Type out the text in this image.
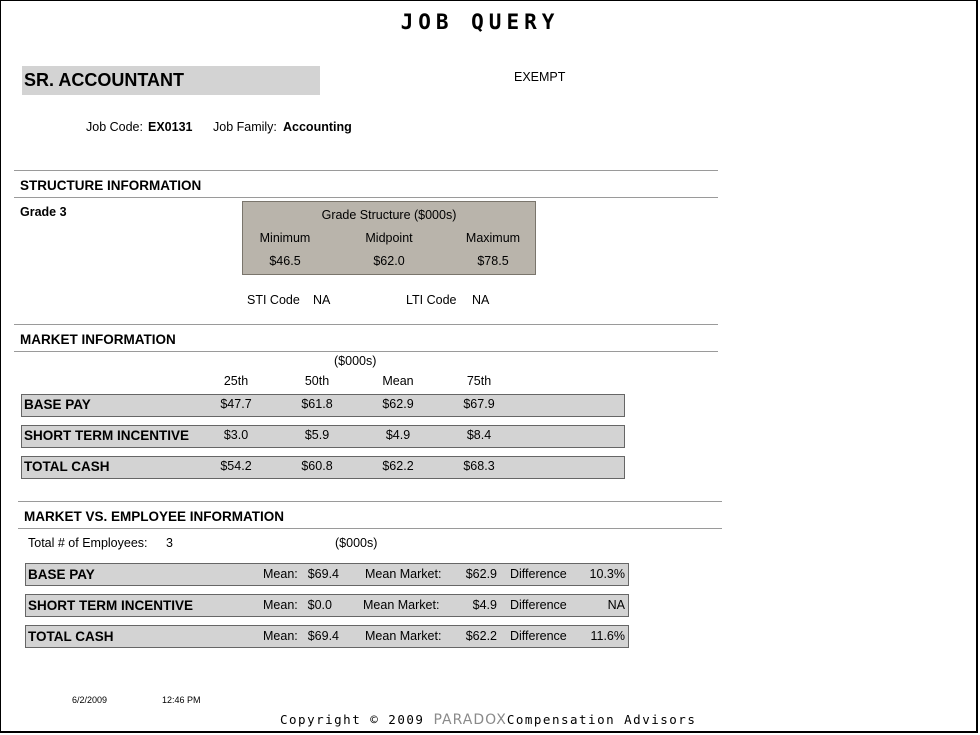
JOB QUERY
SR. ACCOUNTANT	EXEMPT
Job Code: EX0131 Job Family: Accounting
STRUCTURE INFORMATION
Grade 3	Grade Structure ($000s)
Minimum	Midpoint	Maximum
$46.5	$62.0	$78.5
STI Code NA	LTI Code NA
MARKET INFORMATION
($000s)
25th	50th	Mean	75th
BASE PAY	$47.7	$61.8	$62.9	$67.9
SHORT TERM INCENTIVE	$3.0	$5.9	$4.9	$8.4
TOTAL CASH	$54.2	$60.8	$62.2	$68.3
MARKET VS. EMPLOYEE INFORMATION
Total # of Employees: 3	($000s)
BASE PAY	Mean: $69.4 Mean Market:	$62.9 Difference	10.3%
SHORT TERM INCENTIVE	Mean: $0.0 Mean Market:	$4.9 Difference	NA
TOTAL CASH	Mean: $69.4 Mean Market:	$62.2 Difference	11.6%
6/2/2009	12:46 PM
Copyright © 2009 PARADOXCompensation Advisors
